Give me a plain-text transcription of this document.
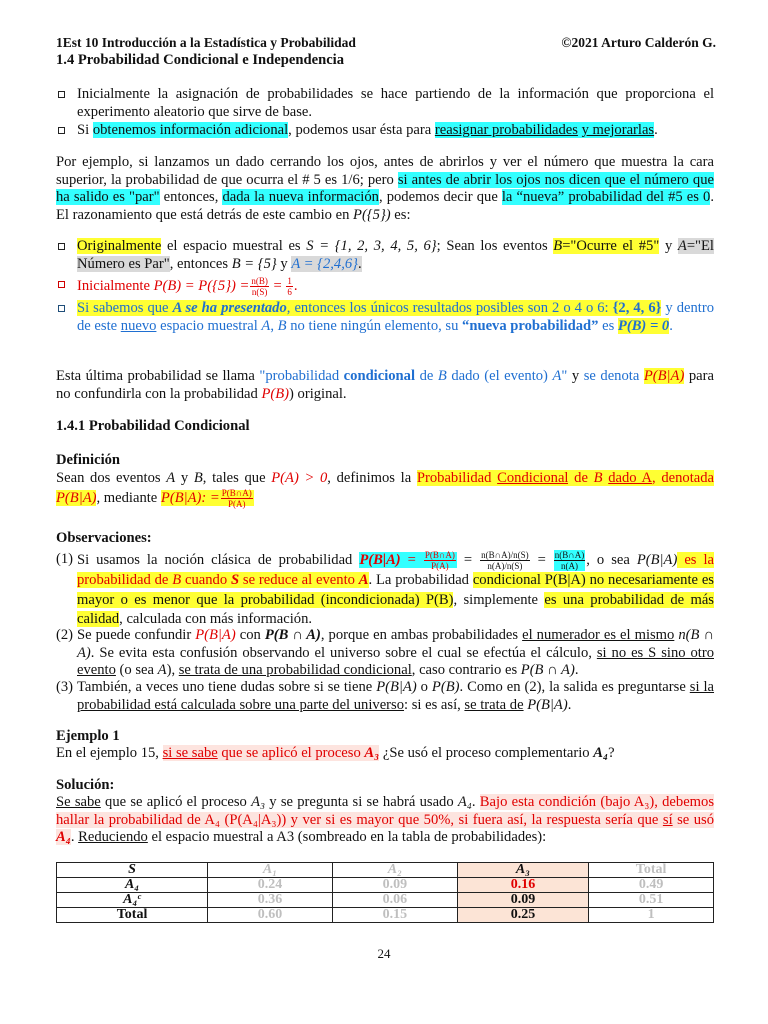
1Est 10 Introducción a la Estadística y Probabilidad	©2021 Arturo Calderón G.
1.4 Probabilidad Condicional e Independencia
Inicialmente la asignación de probabilidades se hace partiendo de la información que proporciona el experimento aleatorio que sirve de base.
Si obtenemos información adicional, podemos usar ésta para reasignar probabilidades y mejorarlas.
Por ejemplo, si lanzamos un dado cerrando los ojos, antes de abrirlos y ver el número que muestra la cara superior, la probabilidad de que ocurra el # 5 es 1/6; pero si antes de abrir los ojos nos dicen que el número que ha salido es "par" entonces, dada la nueva información, podemos decir que la “nueva” probabilidad del #5 es 0. El razonamiento que está detrás de este cambio en P({5}) es:
Originalmente el espacio muestral es S = {1, 2, 3, 4, 5, 6}; Sean los eventos B="Ocurre el #5" y A="El Número es Par", entonces B = {5} y A = {2,4,6}.
Inicialmente $P(B) = P(\{5\}) = \frac{n(B)}{n(S)} = \frac{1}{6}$ .
Si sabemos que A se ha presentado, entonces los únicos resultados posibles son 2 o 4 o 6: {2, 4, 6} y dentro de este nuevo espacio muestral A, B no tiene ningún elemento, su “nueva probabilidad” es P(B) = 0.
Esta última probabilidad se llama "probabilidad condicional de B dado (el evento) A" y se denota P(B|A) para no confundirla con la probabilidad P(B)) original.
1.4.1 Probabilidad Condicional
Definición
Sean dos eventos A y B, tales que P(A) > 0, definimos la Probabilidad Condicional de B dado A, denotada P(B|A), mediante P(B|A): = $\frac{P(B\cap A)}{P(A)}$
Observaciones:
(1) Si usamos la noción clásica de probabilidad $P(B|A) = \frac{P(B\cap A)}{P(A)} = \frac{n(B\cap A)/n(S)}{n(A)/n(S)} = \frac{n(B\cap A)}{n(A)}$ , o sea P(B|A) es la probabilidad de B cuando S se reduce al evento A. La probabilidad condicional P(B|A) no necesariamente es mayor o es menor que la probabilidad (incondicionada) P(B), simplemente es una probabilidad de más calidad, calculada con más información.
(2) Se puede confundir P(B|A) con P(B ∩ A), porque en ambas probabilidades el numerador es el mismo n(B ∩ A). Se evita esta confusión observando el universo sobre el cual se efectúa el cálculo, si no es S sino otro evento (o sea A), se trata de una probabilidad condicional, caso contrario es P(B ∩ A).
(3) También, a veces uno tiene dudas sobre si se tiene P(B|A) o P(B). Como en (2), la salida es preguntarse si la probabilidad está calculada sobre una parte del universo: si es así, se trata de P(B|A).
Ejemplo 1
En el ejemplo 15, si se sabe que se aplicó el proceso A₃ ¿Se usó el proceso complementario A₄?
Solución:
Se sabe que se aplicó el proceso A₃ y se pregunta si se habrá usado A₄. Bajo esta condición (bajo A₃), debemos hallar la probabilidad de A₄ (P(A₄|A₃)) y ver si es mayor que 50%, si fuera así, la respuesta sería que sí se usó A₄. Reduciendo el espacio muestral a A3 (sombreado en la tabla de probabilidades):
S	A₁	A₂	A₃	Total
A₄	0.24	0.09	0.16	0.49
A₄ᶜ	0.36	0.06	0.09	0.51
Total	0.60	0.15	0.25	1
24
